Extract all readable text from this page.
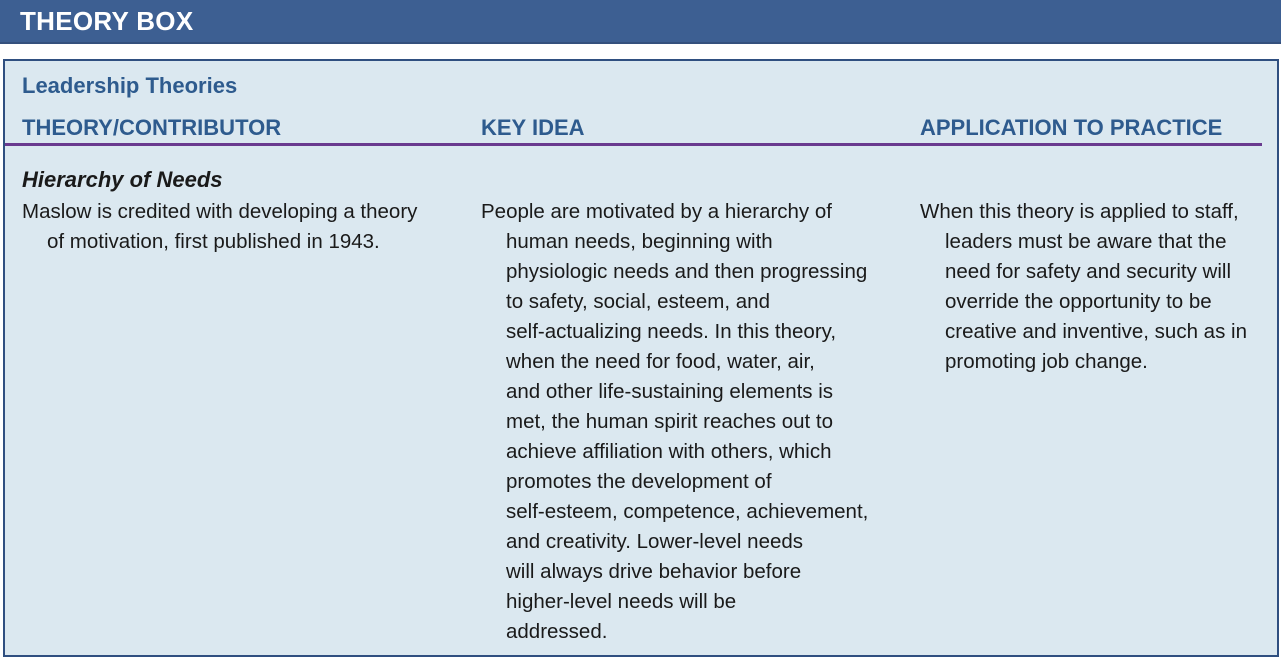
THEORY BOX
Leadership Theories
THEORY/CONTRIBUTOR	KEY IDEA	APPLICATION TO PRACTICE
Hierarchy of Needs
Maslow is credited with developing a theory
of motivation, first published in 1943.
People are motivated by a hierarchy of
human needs, beginning with
physiologic needs and then progressing
to safety, social, esteem, and
self-actualizing needs. In this theory,
when the need for food, water, air,
and other life-sustaining elements is
met, the human spirit reaches out to
achieve affiliation with others, which
promotes the development of
self-esteem, competence, achievement,
and creativity. Lower-level needs
will always drive behavior before
higher-level needs will be
addressed.
When this theory is applied to staff,
leaders must be aware that the
need for safety and security will
override the opportunity to be
creative and inventive, such as in
promoting job change.
